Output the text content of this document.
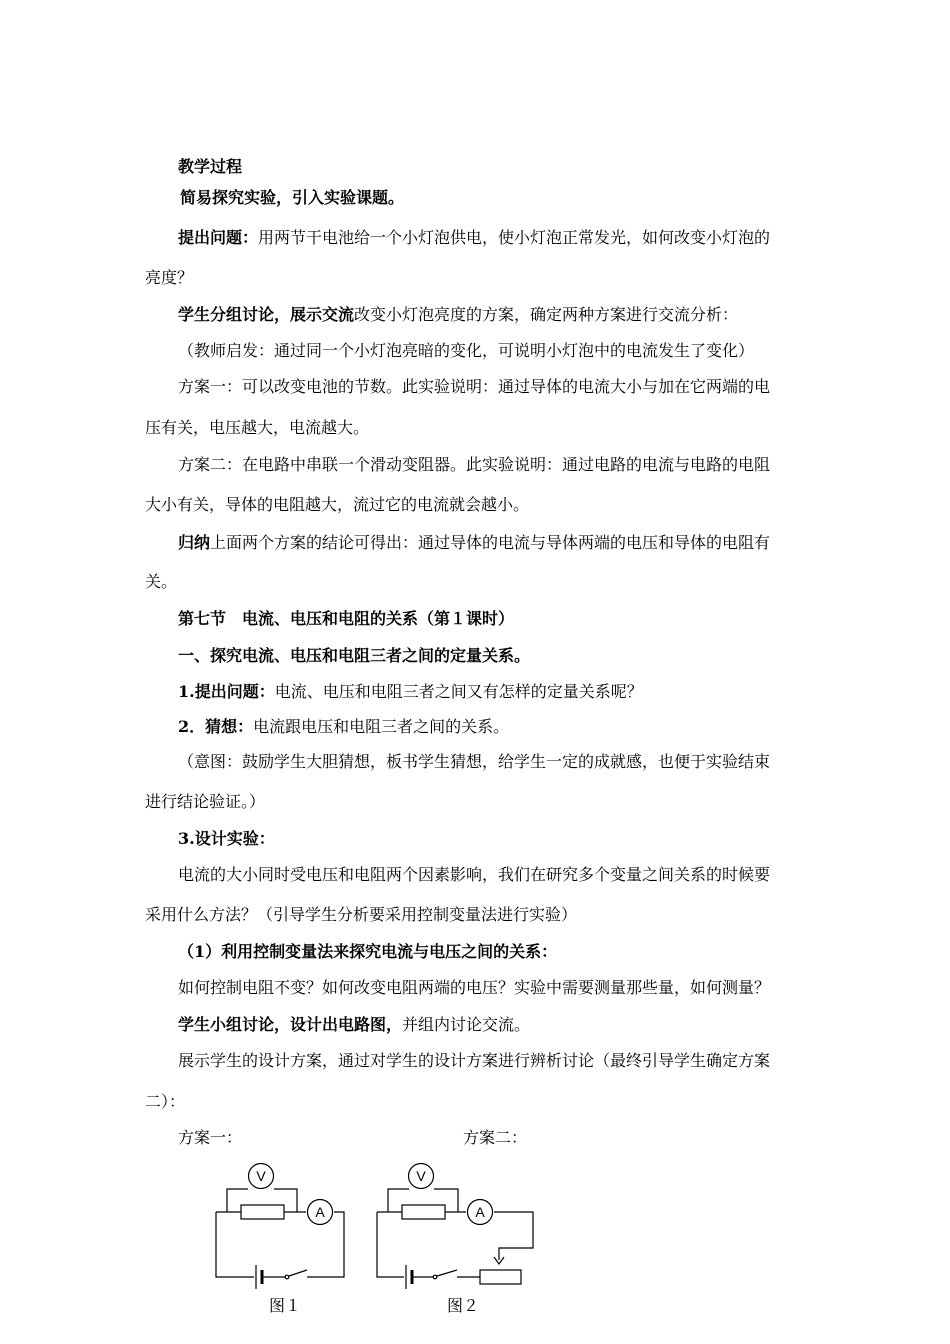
教学过程
简易探究实验，引入实验课题。
提出问题：用两节干电池给一个小灯泡供电，使小灯泡正常发光，如何改变小灯泡的
亮度？
学生分组讨论，展示交流改变小灯泡亮度的方案，确定两种方案进行交流分析：
（教师启发：通过同一个小灯泡亮暗的变化，可说明小灯泡中的电流发生了变化）
方案一：可以改变电池的节数。此实验说明：通过导体的电流大小与加在它两端的电
压有关，电压越大，电流越大。
方案二：在电路中串联一个滑动变阻器。此实验说明：通过电路的电流与电路的电阻
大小有关，导体的电阻越大，流过它的电流就会越小。
归纳上面两个方案的结论可得出：通过导体的电流与导体两端的电压和导体的电阻有
关。
第七节　电流、电压和电阻的关系（第１课时）
一、探究电流、电压和电阻三者之间的定量关系。
1.提出问题：电流、电压和电阻三者之间又有怎样的定量关系呢？
2．猜想：电流跟电压和电阻三者之间的关系。
（意图：鼓励学生大胆猜想，板书学生猜想，给学生一定的成就感，也便于实验结束
进行结论验证。）
3.设计实验：
电流的大小同时受电压和电阻两个因素影响，我们在研究多个变量之间关系的时候要
采用什么方法？（引导学生分析要采用控制变量法进行实验）
（1）利用控制变量法来探究电流与电压之间的关系：
如何控制电阻不变？如何改变电阻两端的电压？实验中需要测量那些量，如何测量？
学生小组讨论，设计出电路图，并组内讨论交流。
展示学生的设计方案，通过对学生的设计方案进行辨析讨论（最终引导学生确定方案
二）：
方案一：	方案二：
V
A
V
A
图１	图２
